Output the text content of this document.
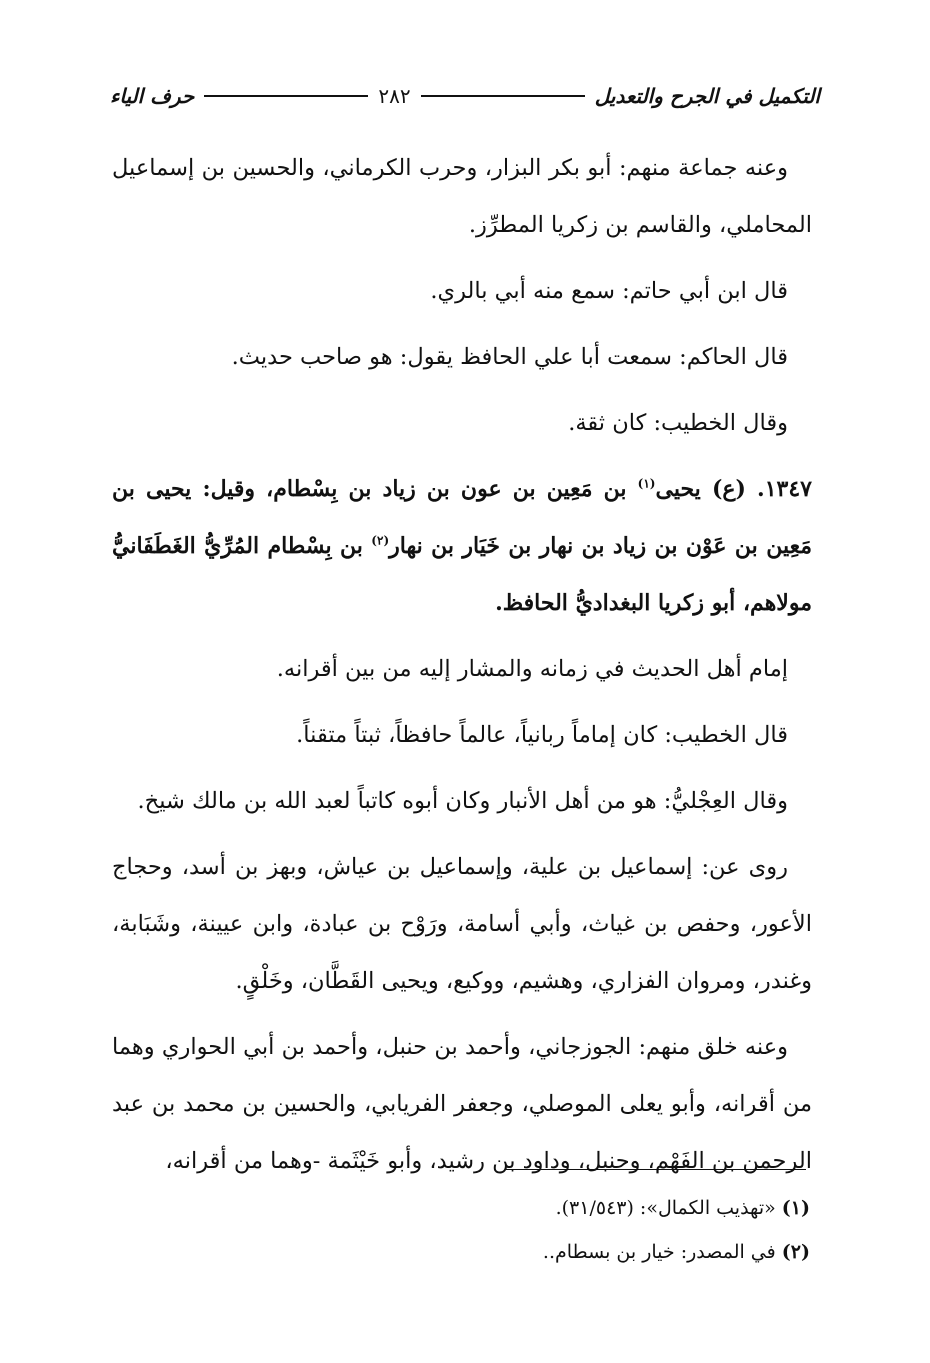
التكميل في الجرح والتعديل
٢٨٢
حرف الياء

وعنه جماعة منهم: أبو بكر البزار، وحرب الكرماني، والحسين بن إسماعيل المحاملي، والقاسم بن زكريا المطرِّز.

قال ابن أبي حاتم: سمع منه أبي بالري.

قال الحاكم: سمعت أبا علي الحافظ يقول: هو صاحب حديث.

وقال الخطيب: كان ثقة.

١٣٤٧. (ع) يحيى$^{(١)}$ بن مَعِين بن عون بن زياد بن بِسْطام، وقيل: يحيى بن مَعِين بن عَوْن بن زياد بن نهار بن خَيَار بن نهار$^{(٢)}$ بن بِسْطام المُرِّيُّ الغَطَفَانيُّ مولاهم، أبو زكريا البغداديُّ الحافظ.

إمام أهل الحديث في زمانه والمشار إليه من بين أقرانه.

قال الخطيب: كان إماماً ربانياً، عالماً حافظاً، ثبتاً متقناً.

وقال العِجْليُّ: هو من أهل الأنبار وكان أبوه كاتباً لعبد الله بن مالك شيخ.

روى عن: إسماعيل بن علية، وإسماعيل بن عياش، وبهز بن أسد، وحجاج الأعور، وحفص بن غياث، وأبي أسامة، ورَوْح بن عبادة، وابن عيينة، وشَبَابة، وغندر، ومروان الفزاري، وهشيم، ووكيع، ويحيى القَطَّان، وخَلْقٍ.

وعنه خلق منهم: الجوزجاني، وأحمد بن حنبل، وأحمد بن أبي الحواري وهما من أقرانه، وأبو يعلى الموصلي، وجعفر الفريابي، والحسين بن محمد بن عبد الرحمن بن الفَهْم، وحنبل، وداود بن رشيد، وأبو خَيْثَمة -وهما من أقرانه،

(١) «تهذيب الكمال»: (٣١/٥٤٣).

(٢) في المصدر: خيار بن بسطام..
